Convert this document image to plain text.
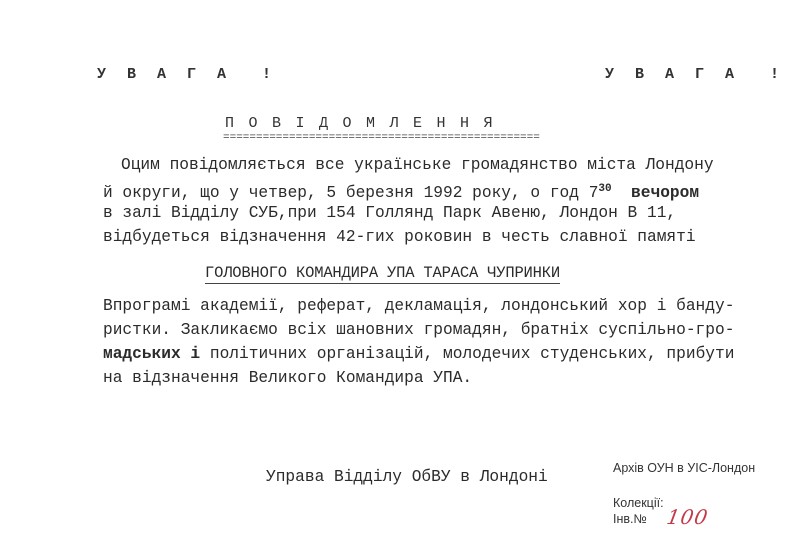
У В А Г А  !	У В А Г А  !
ПОВІДОМЛЕННЯ
================================================
Оцим повідомляється все українське громадянство міста Лондону
й округи, що у четвер, 5 березня 1992 року, о год $7^{30}$  вечором
в залі Відділу СУБ,при 154 Голлянд Парк Авеню, Лондон В 11,
відбудеться відзначення 42-гих роковин в честь славної памяті
ГОЛОВНОГО КОМАНДИРА УПА ТАРАСА ЧУПРИНКИ
Впрограмі академії, реферат, декламація, лондонський хор і банду-
ристки. Закликаємо всіх шановних громадян, братніх суспільно-гро-
мадських і політичних організацій, молодечих студенських, прибути
на відзначення Великого Командира УПА.
Управа Відділу ОбВУ в Лондоні	Архів ОУН в УІС-Лондон
Колекції:
Інв.№ 100
